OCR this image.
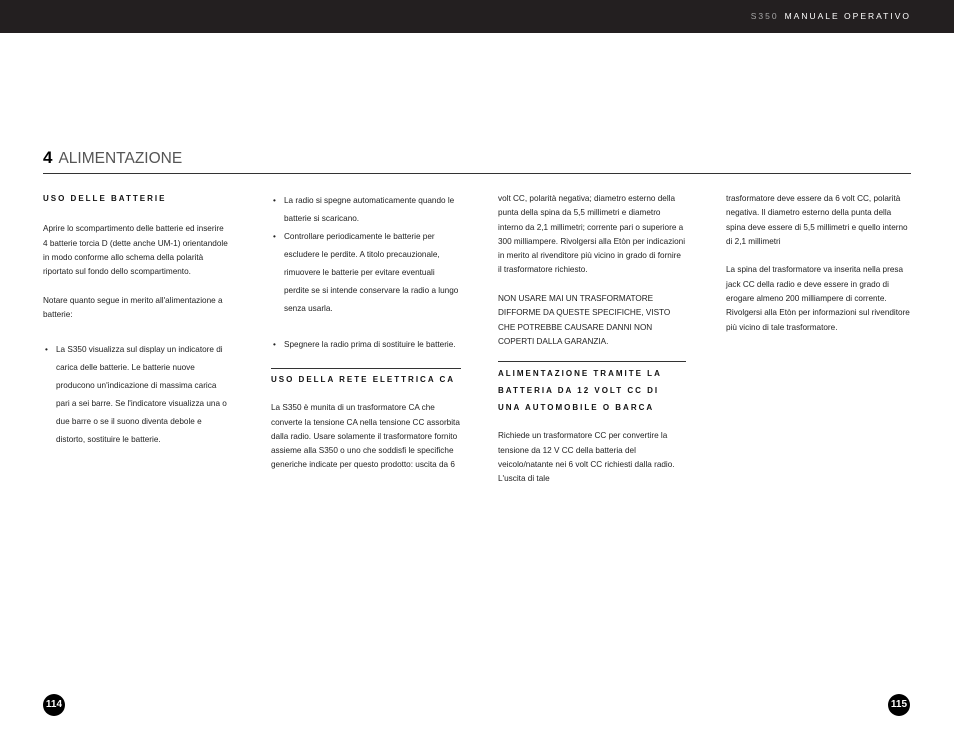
S350 MANUALE OPERATIVO
4 ALIMENTAZIONE
USO DELLE BATTERIE

Aprire lo scompartimento delle batterie ed inserire 4 batterie torcia D (dette anche UM-1) orientandole in modo conforme allo schema della polarità riportato sul fondo dello scompartimento.

Notare quanto segue in merito all'alimentazione a batterie:

• La S350 visualizza sul display un indicatore di carica delle batterie. Le batterie nuove producono un'indicazione di massima carica pari a sei barre. Se l'indicatore visualizza una o due barre o se il suono diventa debole e distorto, sostituire le batterie.
• La radio si spegne automaticamente quando le batterie si scaricano.
• Controllare periodicamente le batterie per escludere le perdite. A titolo precauzionale, rimuovere le batterie per evitare eventuali perdite se si intende conservare la radio a lungo senza usarla.
• Spegnere la radio prima di sostituire le batterie.
USO DELLA RETE ELETTRICA CA

La S350 è munita di un trasformatore CA che converte la tensione CA nella tensione CC assorbita dalla radio. Usare solamente il trasformatore fornito assieme alla S350 o uno che soddisfi le specifiche generiche indicate per questo prodotto: uscita da 6

volt CC, polarità negativa; diametro esterno della punta della spina da 5,5 millimetri e diametro interno da 2,1 millimetri; corrente pari o superiore a 300 milliampere. Rivolgersi alla Etòn per indicazioni in merito al rivenditore più vicino in grado di fornire il trasformatore richiesto.

NON USARE MAI UN TRASFORMATORE DIFFORME DA QUESTE SPECIFICHE, VISTO CHE POTREBBE CAUSARE DANNI NON COPERTI DALLA GARANZIA.

ALIMENTAZIONE TRAMITE LA BATTERIA DA 12 VOLT CC DI UNA AUTOMOBILE O BARCA

Richiede un trasformatore CC per convertire la tensione da 12 V CC della batteria del veicolo/natante nei 6 volt CC richiesti dalla radio. L'uscita di tale

trasformatore deve essere da 6 volt CC, polarità negativa. Il diametro esterno della punta della spina deve essere di 5,5 millimetri e quello interno di 2,1 millimetri

La spina del trasformatore va inserita nella presa jack CC della radio e deve essere in grado di erogare almeno 200 milliampere di corrente. Rivolgersi alla Etòn per informazioni sul rivenditore più vicino di tale trasformatore.

114	115
